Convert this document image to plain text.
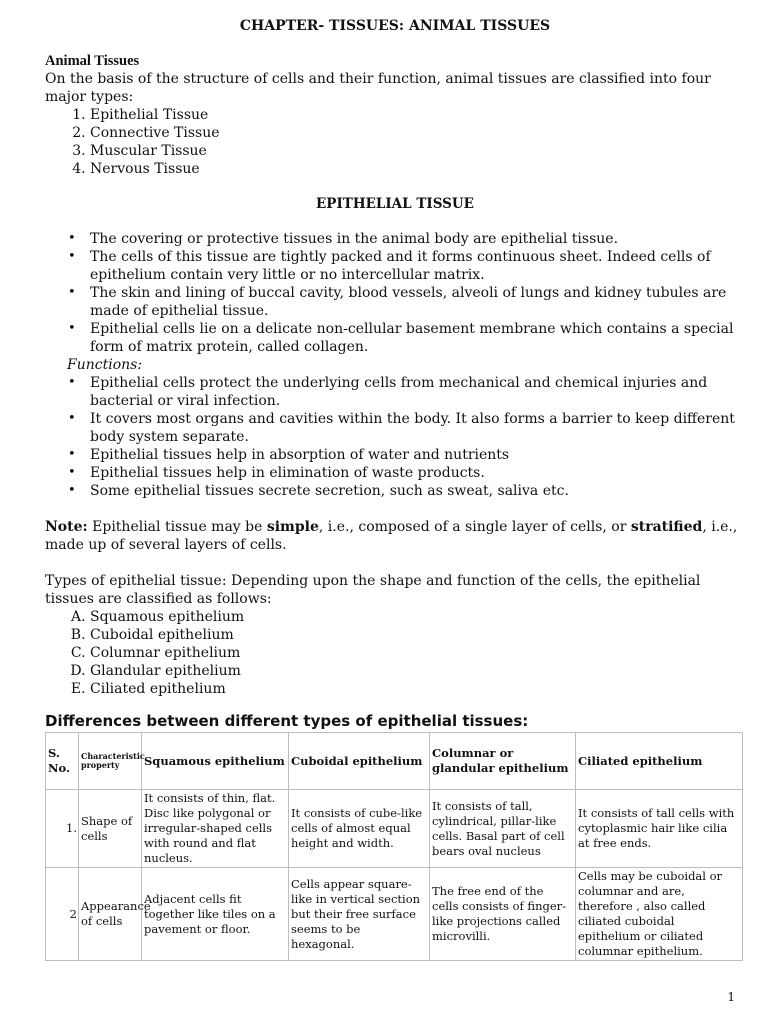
CHAPTER- TISSUES: ANIMAL TISSUES
Animal Tissues

On the basis of the structure of cells and their function, animal tissues are classified into four major types:

1. Epithelial Tissue
2. Connective Tissue
3. Muscular Tissue
4. Nervous Tissue
EPITHELIAL TISSUE
• The covering or protective tissues in the animal body are epithelial tissue.
• The cells of this tissue are tightly packed and it forms continuous sheet. Indeed cells of epithelium contain very little or no intercellular matrix.
• The skin and lining of buccal cavity, blood vessels, alveoli of lungs and kidney tubules are made of epithelial tissue.
• Epithelial cells lie on a delicate non-cellular basement membrane which contains a special form of matrix protein, called collagen.
Functions:
• Epithelial cells protect the underlying cells from mechanical and chemical injuries and bacterial or viral infection.
• It covers most organs and cavities within the body. It also forms a barrier to keep different body system separate.
• Epithelial tissues help in absorption of water and nutrients
• Epithelial tissues help in elimination of waste products.
• Some epithelial tissues secrete secretion, such as sweat, saliva etc.

Note: Epithelial tissue may be simple, i.e., composed of a single layer of cells, or stratified, i.e., made up of several layers of cells.

Types of epithelial tissue: Depending upon the shape and function of the cells, the epithelial tissues are classified as follows:

A. Squamous epithelium
B. Cuboidal epithelium
C. Columnar epithelium
D. Glandular epithelium
E. Ciliated epithelium
Differences between different types of epithelial tissues:
S. No.	Characteristic property	Squamous epithelium	Cuboidal epithelium	Columnar or glandular epithelium	Ciliated epithelium
1.	Shape of cells	It consists of thin, flat. Disc like polygonal or irregular-shaped cells with round and flat nucleus.	It consists of cube-like cells of almost equal height and width.	It consists of tall, cylindrical, pillar-like cells. Basal part of cell bears oval nucleus	It consists of tall cells with cytoplasmic hair like cilia at free ends.
2	Appearance of cells	Adjacent cells fit together like tiles on a pavement or floor.	Cells appear square-like in vertical section but their free surface seems to be hexagonal.	The free end of the cells consists of finger-like projections called microvilli.	Cells may be cuboidal or columnar and are, therefore , also called ciliated cuboidal epithelium or ciliated columnar epithelium.
1
